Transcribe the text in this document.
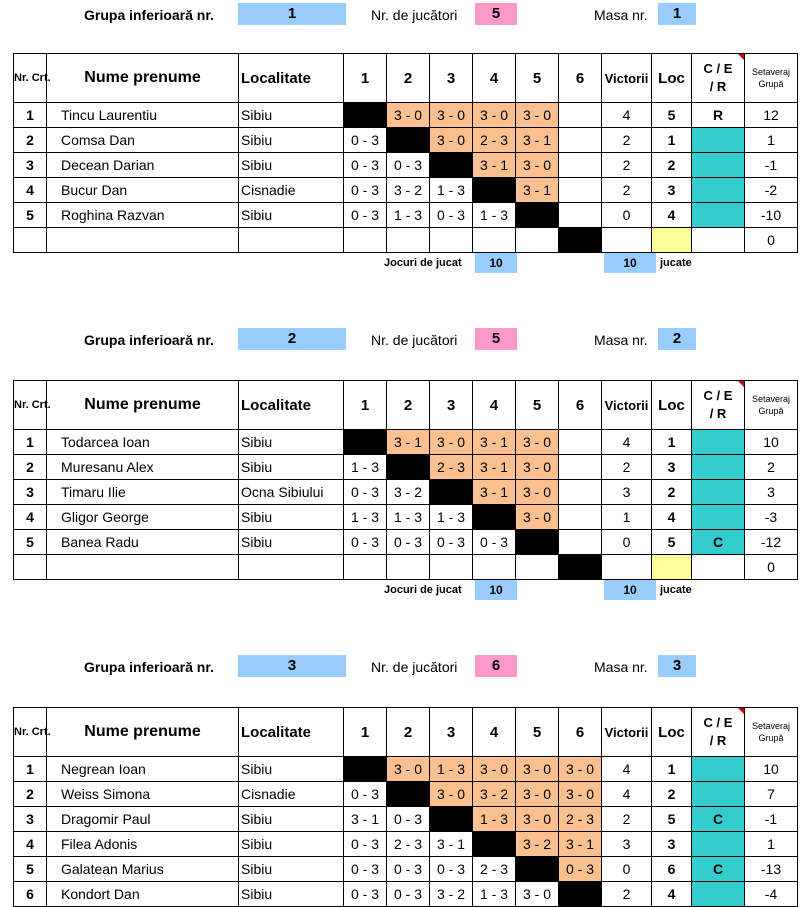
Grupa inferioară nr.	1	Nr. de jucători	5	Masa nr.	1
Nr. Crt.	Nume prenume	Localitate	1	2	3	4	5	6	Victorii	Loc	C / E / R	Setaveraj Grupă
1	Tincu Laurentiu	Sibiu		3 - 0	3 - 0	3 - 0	3 - 0		4	5	R	12
2	Comsa Dan	Sibiu	0 - 3		3 - 0	2 - 3	3 - 1		2	1		1
3	Decean Darian	Sibiu	0 - 3	0 - 3		3 - 1	3 - 0		2	2		-1
4	Bucur Dan	Cisnadie	0 - 3	3 - 2	1 - 3		3 - 1		2	3		-2
5	Roghina Razvan	Sibiu	0 - 3	1 - 3	0 - 3	1 - 3			0	4		-10
												0
Jocuri de jucat	10	10	jucate
Grupa inferioară nr.	2	Nr. de jucători	5	Masa nr.	2
Nr. Crt.	Nume prenume	Localitate	1	2	3	4	5	6	Victorii	Loc	C / E / R	Setaveraj Grupă
1	Todarcea Ioan	Sibiu		3 - 1	3 - 0	3 - 1	3 - 0		4	1		10
2	Muresanu Alex	Sibiu	1 - 3		2 - 3	3 - 1	3 - 0		2	3		2
3	Timaru Ilie	Ocna Sibiului	0 - 3	3 - 2		3 - 1	3 - 0		3	2		3
4	Gligor George	Sibiu	1 - 3	1 - 3	1 - 3		3 - 0		1	4		-3
5	Banea Radu	Sibiu	0 - 3	0 - 3	0 - 3	0 - 3			0	5	C	-12
												0
Jocuri de jucat	10	10	jucate
Grupa inferioară nr.	3	Nr. de jucători	6	Masa nr.	3
Nr. Crt.	Nume prenume	Localitate	1	2	3	4	5	6	Victorii	Loc	C / E / R	Setaveraj Grupă
1	Negrean Ioan	Sibiu		3 - 0	1 - 3	3 - 0	3 - 0	3 - 0	4	1		10
2	Weiss Simona	Cisnadie	0 - 3		3 - 0	3 - 2	3 - 0	3 - 0	4	2		7
3	Dragomir Paul	Sibiu	3 - 1	0 - 3		1 - 3	3 - 0	2 - 3	2	5	C	-1
4	Filea Adonis	Sibiu	0 - 3	2 - 3	3 - 1		3 - 2	3 - 1	3	3		1
5	Galatean Marius	Sibiu	0 - 3	0 - 3	0 - 3	2 - 3		0 - 3	0	6	C	-13
6	Kondort Dan	Sibiu	0 - 3	0 - 3	3 - 2	1 - 3	3 - 0		2	4		-4
